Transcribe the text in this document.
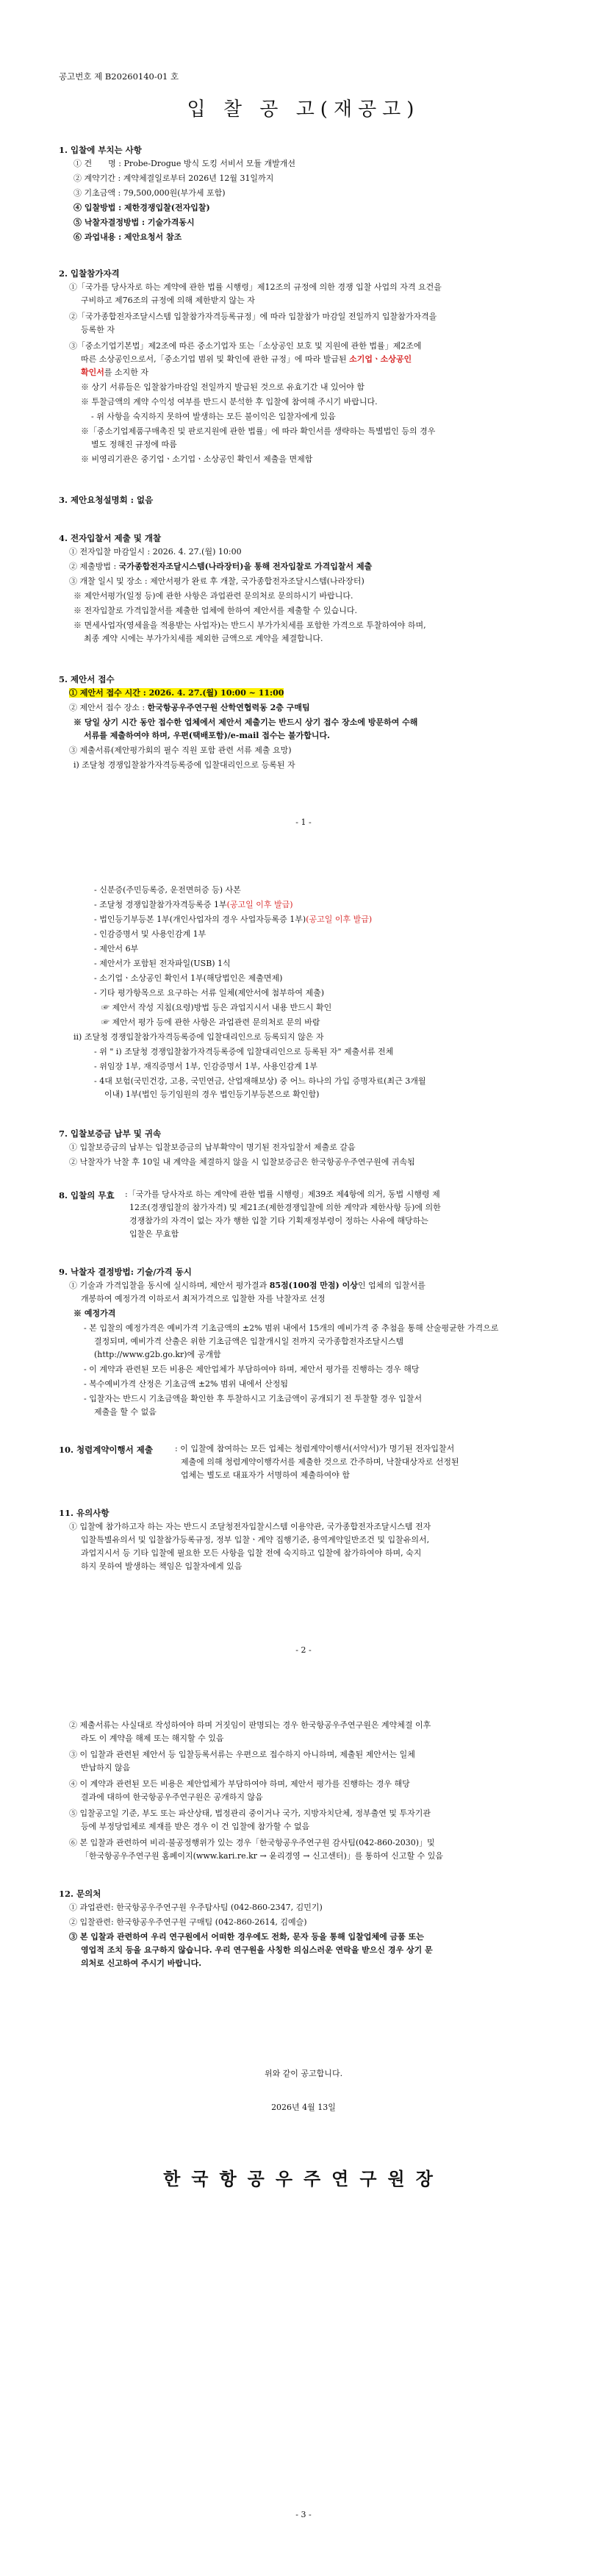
공고번호 제 B20260140-01 호
입 찰 공 고(재공고)
1. 입찰에 부치는 사항
① 건　　명 : Probe-Drogue 방식 도킹 서비서 모듈 개발개선
② 계약기간 : 계약체결일로부터 2026년 12월 31일까지
③ 기초금액 : 79,500,000원(부가세 포함)
④ 입찰방법 : 제한경쟁입찰(전자입찰)
⑤ 낙찰자결정방법 : 기술가격동시
⑥ 과업내용 : 제안요청서 참조
2. 입찰참가자격
①「국가를 당사자로 하는 계약에 관한 법률 시행령」제12조의 규정에 의한 경쟁 입찰 사업의 자격 요건을
구비하고 제76조의 규정에 의해 제한받지 않는 자
②「국가종합전자조달시스템 입찰참가자격등록규정」에 따라 입찰참가 마감일 전일까지 입찰참가자격을
등록한 자
③「중소기업기본법」제2조에 따른 중소기업자 또는「소상공인 보호 및 지원에 관한 법률」제2조에
따른 소상공인으로서,「중소기업 범위 및 확인에 관한 규정」에 따라 발급된 소기업ㆍ소상공인
확인서를 소지한 자
※ 상기 서류들은 입찰참가마감일 전일까지 발급된 것으로 유효기간 내 있어야 함
※ 투찰금액의 계약 수익성 여부를 반드시 분석한 후 입찰에 참여해 주시기 바랍니다.
- 위 사항을 숙지하지 못하여 발생하는 모든 불이익은 입찰자에게 있음
※「중소기업제품구매촉진 및 판로지원에 관한 법률」에 따라 확인서를 생략하는 특별법인 등의 경우
별도 정해진 규정에 따름
※ 비영리기관은 중기업ㆍ소기업ㆍ소상공인 확인서 제출을 면제함
3. 제안요청설명회 : 없음
4. 전자입찰서 제출 및 개찰
① 전자입찰 마감일시 : 2026. 4. 27.(월) 10:00
② 제출방법 : 국가종합전자조달시스템(나라장터)을 통해 전자입찰로 가격입찰서 제출
③ 개찰 일시 및 장소 : 제안서평가 완료 후 개찰, 국가종합전자조달시스템(나라장터)
※ 제안서평가(일정 등)에 관한 사항은 과업관련 문의처로 문의하시기 바랍니다.
※ 전자입찰로 가격입찰서를 제출한 업체에 한하여 제안서를 제출할 수 있습니다.
※ 면세사업자(영세율을 적용받는 사업자)는 반드시 부가가치세를 포함한 가격으로 투찰하여야 하며,
최종 계약 시에는 부가가치세를 제외한 금액으로 계약을 체결합니다.
5. 제안서 접수
① 제안서 접수 시간 : 2026. 4. 27.(월) 10:00 ~ 11:00
② 제안서 접수 장소 : 한국항공우주연구원 산학연협력동 2층 구매팀
※ 당일 상기 시간 동안 접수한 업체에서 제안서 제출기는 반드시 상기 접수 장소에 방문하여 수해
서류를 제출하여야 하며, 우편(택배포함)/e-mail 접수는 불가합니다.
③ 제출서류(제안평가회의 필수 직원 포함 관련 서류 제출 요망)
ⅰ) 조달청 경쟁입찰참가자격등록증에 입찰대리인으로 등록된 자
- 1 -
- 신분증(주민등록증, 운전면허증 등) 사본
- 조달청 경쟁입찰참가자격등록증 1부(공고일 이후 발급)
- 법인등기부등본 1부(개인사업자의 경우 사업자등록증 1부)(공고일 이후 발급)
- 인감증명서 및 사용인감계 1부
- 제안서 6부
- 제안서가 포함된 전자파일(USB) 1식
- 소기업ㆍ소상공인 확인서 1부(해당법인은 제출면제)
- 기타 평가항목으로 요구하는 서류 일체(제안서에 첨부하여 제출)
☞ 제안서 작성 지침(요령)방법 등은 과업지시서 내용 반드시 확인
☞ 제안서 평가 등에 관한 사항은 과업관련 문의처로 문의 바람
ⅱ) 조달청 경쟁입찰참가자격등록증에 입찰대리인으로 등록되지 않은 자
- 위 " ⅰ) 조달청 경쟁입찰참가자격등록증에 입찰대리인으로 등록된 자" 제출서류 전체
- 위임장 1부, 재직증명서 1부, 인감증명서 1부, 사용인감계 1부
- 4대 보험(국민건강, 고용, 국민연금, 산업재해보상) 중 어느 하나의 가입 증명자료(최근 3개월
이내) 1부(법인 등기임원의 경우 법인등기부등본으로 확인함)
7. 입찰보증금 납부 및 귀속
① 입찰보증금의 납부는 입찰보증금의 납부확약이 명기된 전자입찰서 제출로 갈음
② 낙찰자가 낙찰 후 10일 내 계약을 체결하지 않을 시 입찰보증금은 한국항공우주연구원에 귀속됨
8. 입찰의 무효 :「국가를 당사자로 하는 계약에 관한 법률 시행령」제39조 제4항에 의거, 동법 시행령 제
12조(경쟁입찰의 참가자격) 및 제21조(제한경쟁입찰에 의한 계약과 제한사항 등)에 의한
경쟁참가의 자격이 없는 자가 행한 입찰 기타 기획재정부령이 정하는 사유에 해당하는
입찰은 무효함
9. 낙찰자 결정방법: 기술/가격 동시
① 기술과 가격입찰을 동시에 실시하며, 제안서 평가결과 85점(100점 만점) 이상인 업체의 입찰서를
개봉하여 예정가격 이하로서 최저가격으로 입찰한 자를 낙찰자로 선정
※ 예정가격
- 본 입찰의 예정가격은 예비가격 기초금액의 ±2% 범위 내에서 15개의 예비가격 중 추첨을 통해 산술평균한 가격으로
결정되며, 예비가격 산출은 위한 기초금액은 입찰개시일 전까지 국가종합전자조달시스템
(http://www.g2b.go.kr)에 공개함
- 이 계약과 관련된 모든 비용은 제안업체가 부담하여야 하며, 제안서 평가를 진행하는 경우 해당
- 복수예비가격 산정은 기초금액 ±2% 범위 내에서 산정됨
- 입찰자는 반드시 기초금액을 확인한 후 투찰하시고 기초금액이 공개되기 전 투찰할 경우 입찰서
제출을 할 수 없음
10. 청렴계약이행서 제출	: 이 입찰에 참여하는 모든 업체는 청렴계약이행서(서약서)가 명기된 전자입찰서
제출에 의해 청렴계약이행각서를 제출한 것으로 간주하며, 낙찰대상자로 선정된
업체는 별도로 대표자가 서명하여 제출하여야 함
11. 유의사항
① 입찰에 참가하고자 하는 자는 반드시 조달청전자입찰시스템 이용약관, 국가종합전자조달시스템 전자
입찰특별유의서 및 입찰참가등록규정, 정부 입찰ㆍ계약 집행기준, 용역계약일반조건 및 입찰유의서,
과업지시서 등 기타 입찰에 필요한 모든 사항을 입찰 전에 숙지하고 입찰에 참가하여야 하며, 숙지
하지 못하여 발생하는 책임은 입찰자에게 있음
- 2 -
② 제출서류는 사실대로 작성하여야 하며 거짓임이 판명되는 경우 한국항공우주연구원은 계약체결 이후
라도 이 계약을 해제 또는 해지할 수 있음
③ 이 입찰과 관련된 제안서 등 입찰등록서류는 우편으로 접수하지 아니하며, 제출된 제안서는 일체
반납하지 않음
④ 이 계약과 관련된 모든 비용은 제안업체가 부담하여야 하며, 제안서 평가를 진행하는 경우 해당
결과에 대하여 한국항공우주연구원은 공개하지 않음
⑤ 입찰공고일 기준, 부도 또는 파산상태, 법정관리 중이거나 국가, 지방자치단체, 정부출연 및 투자기관
등에 부정당업체로 제재를 받은 경우 이 건 입찰에 참가할 수 없음
⑥ 본 입찰과 관련하여 비리·불공정행위가 있는 경우「한국항공우주연구원 감사팀(042-860-2030)」및
「한국항공우주연구원 홈페이지(www.kari.re.kr → 윤리경영 → 신고센터)」를 통하여 신고할 수 있음
12. 문의처
① 과업관련: 한국항공우주연구원 우주탐사팀 (042-860-2347, 김민기)
② 입찰관련: 한국항공우주연구원 구매팀 (042-860-2614, 김예슬)
③ 본 입찰과 관련하여 우리 연구원에서 어떠한 경우에도 전화, 문자 등을 통해 입찰업체에 금품 또는
영업적 조치 등을 요구하지 않습니다. 우리 연구원을 사칭한 의심스러운 연락을 받으신 경우 상기 문
의처로 신고하여 주시기 바랍니다.
위와 같이 공고합니다.
2026년 4월 13일
한국항공우주연구원장
- 3 -
